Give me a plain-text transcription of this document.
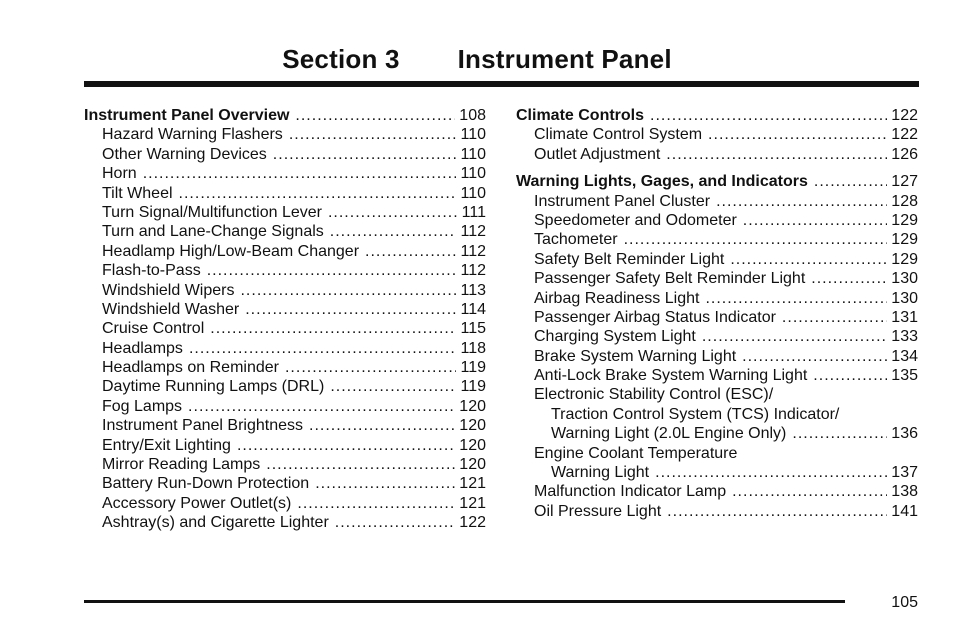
Section 3 Instrument Panel
Instrument Panel Overview .....	108
Hazard Warning Flashers .....	110
Other Warning Devices .....	110
Horn .....	110
Tilt Wheel .....	110
Turn Signal/Multifunction Lever .....	111
Turn and Lane-Change Signals .....	112
Headlamp High/Low-Beam Changer .....	112
Flash-to-Pass .....	112
Windshield Wipers .....	113
Windshield Washer .....	114
Cruise Control .....	115
Headlamps .....	118
Headlamps on Reminder .....	119
Daytime Running Lamps (DRL) .....	119
Fog Lamps .....	120
Instrument Panel Brightness .....	120
Entry/Exit Lighting .....	120
Mirror Reading Lamps .....	120
Battery Run-Down Protection .....	121
Accessory Power Outlet(s) .....	121
Ashtray(s) and Cigarette Lighter .....	122
Climate Controls .....	122
Climate Control System .....	122
Outlet Adjustment .....	126
Warning Lights, Gages, and Indicators .....	127
Instrument Panel Cluster .....	128
Speedometer and Odometer .....	129
Tachometer .....	129
Safety Belt Reminder Light .....	129
Passenger Safety Belt Reminder Light .....	130
Airbag Readiness Light .....	130
Passenger Airbag Status Indicator .....	131
Charging System Light .....	133
Brake System Warning Light .....	134
Anti-Lock Brake System Warning Light .....	135
Electronic Stability Control (ESC)/
Traction Control System (TCS) Indicator/
Warning Light (2.0L Engine Only) .....	136
Engine Coolant Temperature
Warning Light .....	137
Malfunction Indicator Lamp .....	138
Oil Pressure Light .....	141
105
